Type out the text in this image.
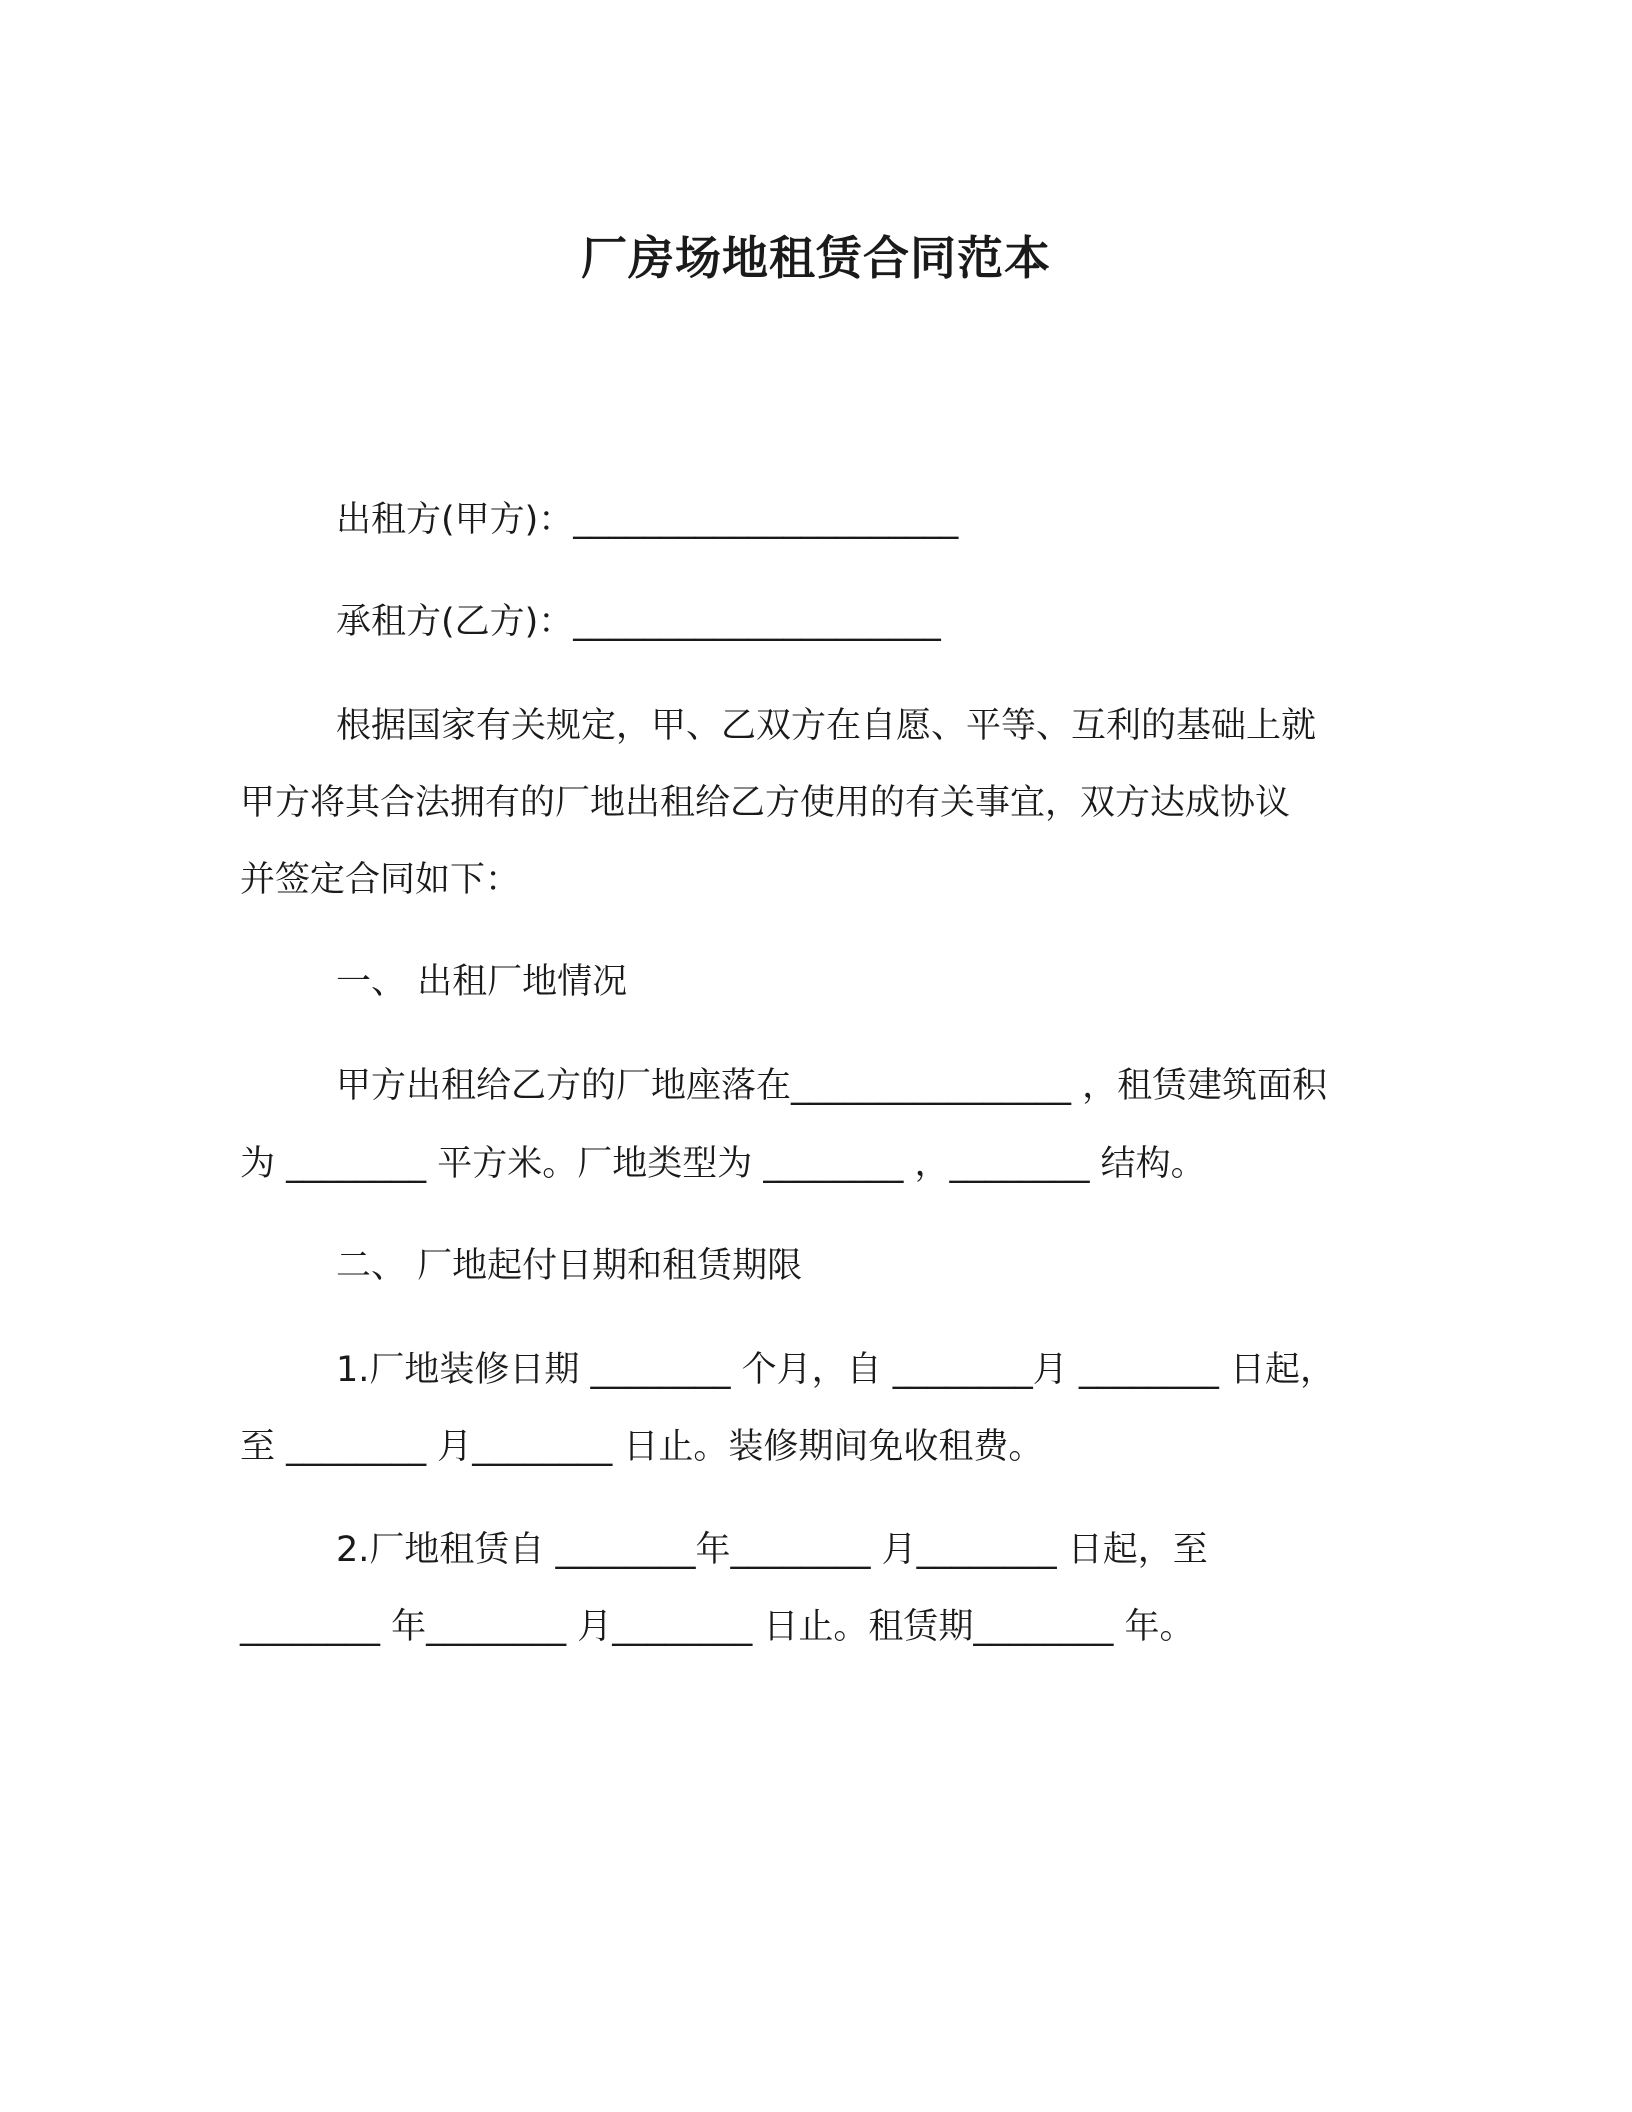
厂房场地租赁合同范本

出租方(甲方)：______________________

承租方(乙方)：_____________________

根据国家有关规定，甲、乙双方在自愿、平等、互利的基础上就

甲方将其合法拥有的厂地出租给乙方使用的有关事宜，双方达成协议

并签定合同如下：

一、 出租厂地情况

甲方出租给乙方的厂地座落在________________ ，租赁建筑面积

为 ________ 平方米。厂地类型为 ________ ，________ 结构。

二、 厂地起付日期和租赁期限

1.厂地装修日期 ________ 个月，自 ________月 ________ 日起，

至 ________ 月________ 日止。装修期间免收租费。

2.厂地租赁自 ________年________ 月________ 日起，至

________ 年________ 月________ 日止。租赁期________ 年。
